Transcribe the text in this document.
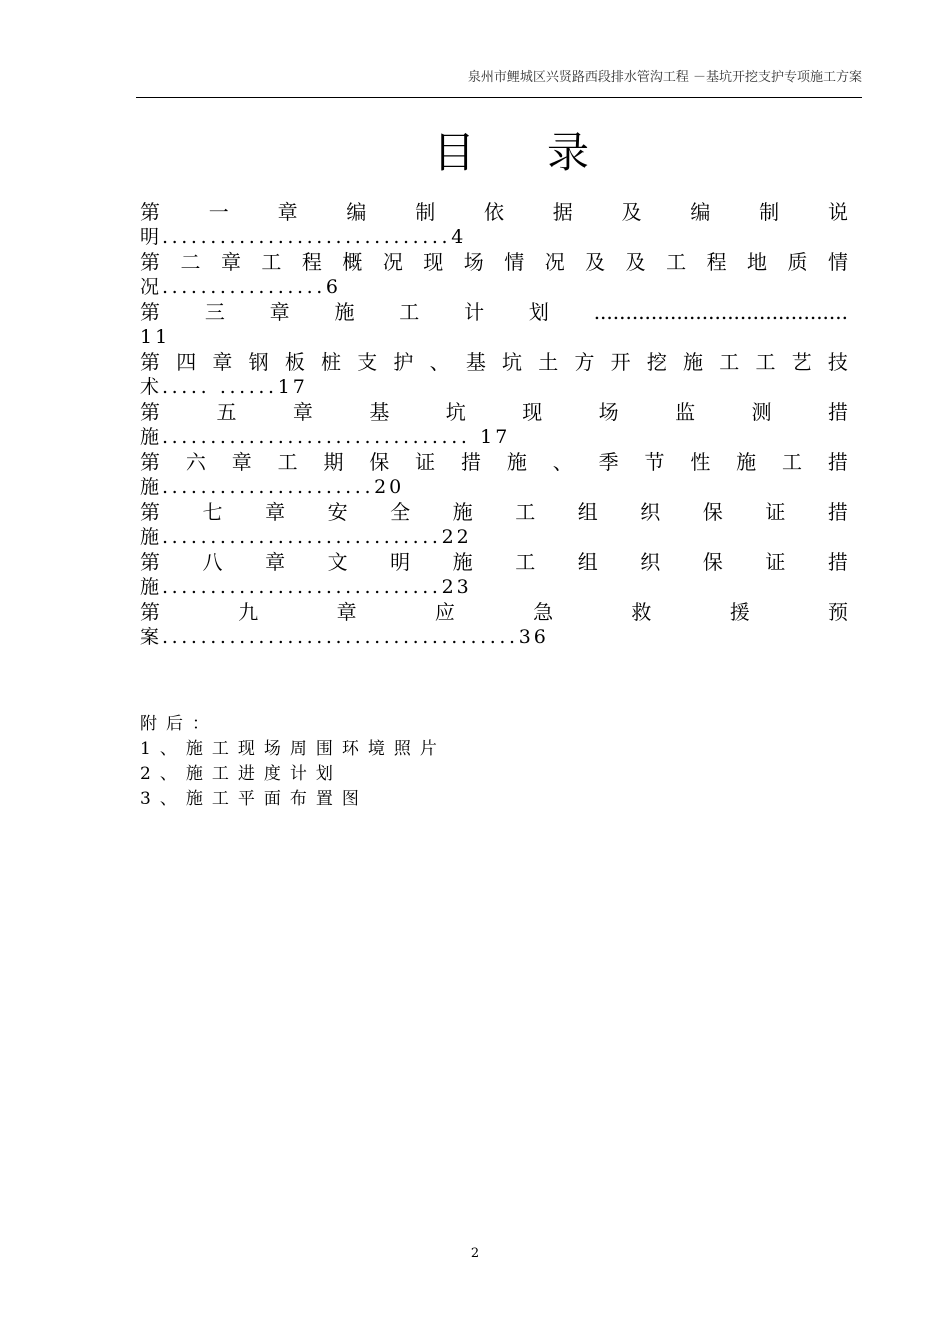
泉州市鲤城区兴贤路西段排水管沟工程 －基坑开挖支护专项施工方案
目录
第 一 章 编 制 依 据 及 编 制 说
明..............................4
第 二 章 工 程 概 况 现 场 情 况 及 及 工 程 地 质 情
况.................6
第 三 章 施 工 计 划 ........................................
11
第 四 章 钢 板 桩 支 护 、 基 坑 土 方 开 挖 施 工 工 艺 技
术..... ......17
第	五	章	基	坑	现	场	监	测	措
施................................ 17
第 六 章 工 期 保 证 措 施 、 季 节 性 施 工 措
施......................20
第 七 章 安 全 施 工 组 织 保 证 措
施.............................22
第 八 章 文 明 施 工 组 织 保 证 措
施.............................23
第	九	章	应	急	救	援	预
案.....................................36
附后：
1、施工现场周围环境照片
2、施工进度计划
3、施工平面布置图
2
